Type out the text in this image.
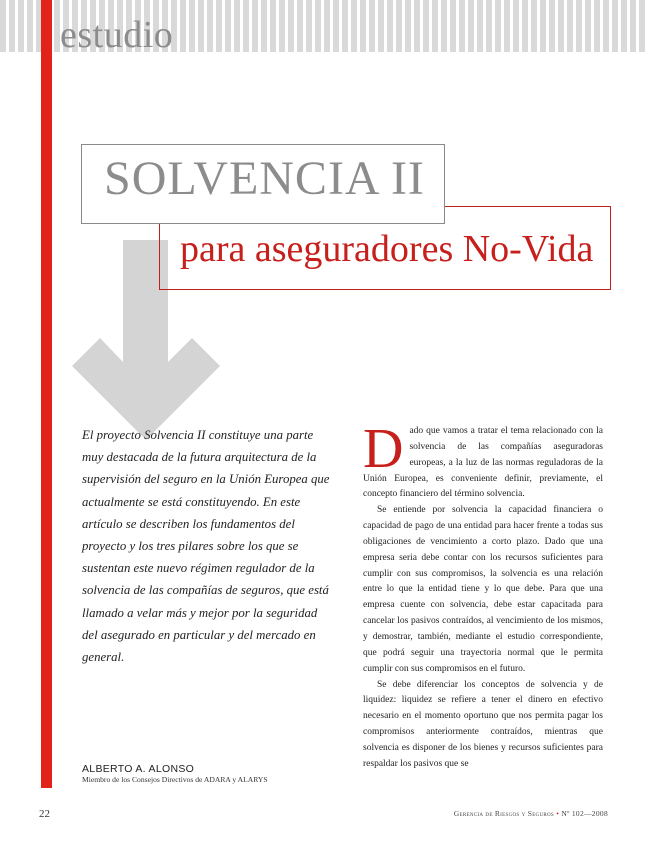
estudio
SOLVENCIA II
para aseguradores No-Vida
El proyecto Solvencia II constituye una parte muy destacada de la futura arquitectura de la supervisión del seguro en la Unión Europea que actualmente se está constituyendo. En este artículo se describen los fundamentos del proyecto y los tres pilares sobre los que se sustentan este nuevo régimen regulador de la solvencia de las compañías de seguros, que está llamado a velar más y mejor por la seguridad del asegurado en particular y del mercado en general.
ALBERTO A. ALONSO
Miembro de los Consejos Directivos de ADARA y ALARYS

Dado que vamos a tratar el tema relacionado con la solvencia de las compañías aseguradoras europeas, a la luz de las normas reguladoras de la Unión Europea, es conveniente definir, previamente, el concepto financiero del término solvencia.

Se entiende por solvencia la capacidad financiera o capacidad de pago de una entidad para hacer frente a todas sus obligaciones de vencimiento a corto plazo. Dado que una empresa seria debe contar con los recursos suficientes para cumplir con sus compromisos, la solvencia es una relación entre lo que la entidad tiene y lo que debe. Para que una empresa cuente con solvencia, debe estar capacitada para cancelar los pasivos contraídos, al vencimiento de los mismos, y demostrar, también, mediante el estudio correspondiente, que podrá seguir una trayectoria normal que le permita cumplir con sus compromisos en el futuro.

Se debe diferenciar los conceptos de solvencia y de liquidez: liquidez se refiere a tener el dinero en efectivo necesario en el momento oportuno que nos permita pagar los compromisos anteriormente contraídos, mientras que solvencia es disponer de los bienes y recursos suficientes para respaldar los pasivos que se

22	Gerencia de Riesgos y Seguros • Nº 102—2008
